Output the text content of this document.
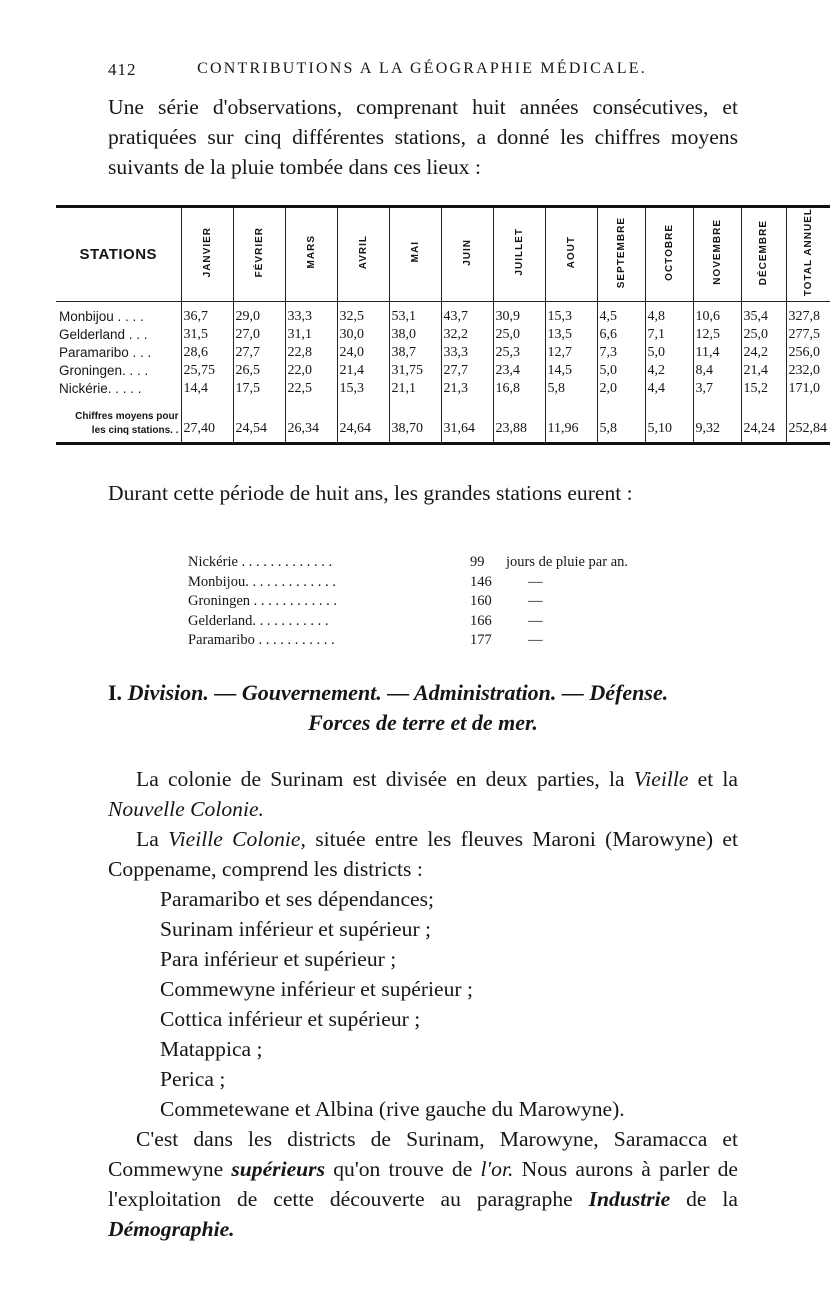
412	CONTRIBUTIONS A LA GÉOGRAPHIE MÉDICALE.
Une série d'observations, comprenant huit années consécutives, et pratiquées sur cinq différentes stations, a donné les chiffres moyens suivants de la pluie tombée dans ces lieux :
STATIONS	JANVIER	FÉVRIER	MARS	AVRIL	MAI	JUIN	JUILLET	AOUT	SEPTEMBRE	OCTOBRE	NOVEMBRE	DÉCEMBRE	TOTAL ANNUEL
Monbijou . . . .	36,7	29,0	33,3	32,5	53,1	43,7	30,9	15,3	4,5	4,8	10,6	35,4	327,8
Gelderland . . .	31,5	27,0	31,1	30,0	38,0	32,2	25,0	13,5	6,6	7,1	12,5	25,0	277,5
Paramaribo . . .	28,6	27,7	22,8	24,0	38,7	33,3	25,3	12,7	7,3	5,0	11,4	24,2	256,0
Groningen. . . .	25,75	26,5	22,0	21,4	31,75	27,7	23,4	14,5	5,0	4,2	8,4	21,4	232,0
Nickérie. . . . .	14,4	17,5	22,5	15,3	21,1	21,3	16,8	5,8	2,0	4,4	3,7	15,2	171,0

Chiffres moyens pour
les cinq stations. .	27,40	24,54	26,34	24,64	38,70	31,64	23,88	11,96	5,8	5,10	9,32	24,24	252,84
Durant cette période de huit ans, les grandes stations eurent :
Nickérie . . . . . . . . . . . . .	99 jours de pluie par an.
Monbijou. . . . . . . . . . . . .	146	—
Groningen . . . . . . . . . . . .	160	—
Gelderland. . . . . . . . . . .	166	—
Paramaribo . . . . . . . . . . .	177	—
I. Division. — Gouvernement. — Administration. — Défense.
Forces de terre et de mer.

La colonie de Surinam est divisée en deux parties, la Vieille et la Nouvelle Colonie.

La Vieille Colonie, située entre les fleuves Maroni (Marowyne) et Coppename, comprend les districts :

Paramaribo et ses dépendances;
Surinam inférieur et supérieur ;
Para inférieur et supérieur ;
Commewyne inférieur et supérieur ;
Cottica inférieur et supérieur ;
Matappica ;
Perica ;
Commetewane et Albina (rive gauche du Marowyne).

C'est dans les districts de Surinam, Marowyne, Saramacca et Commewyne supérieurs qu'on trouve de l'or. Nous aurons à parler de l'exploitation de cette découverte au paragraphe Industrie de la Démographie.
